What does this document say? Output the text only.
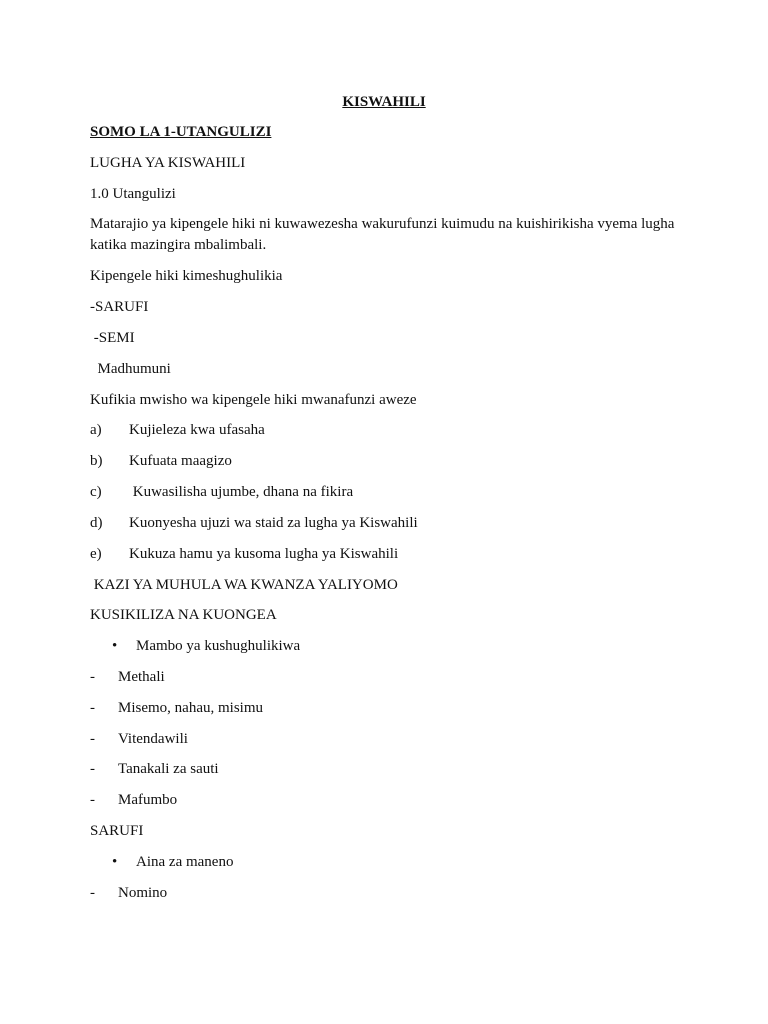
KISWAHILI
SOMO LA 1-UTANGULIZI
LUGHA YA KISWAHILI
1.0 Utangulizi
Matarajio ya kipengele hiki ni kuwawezesha wakurufunzi kuimudu na kuishirikisha vyema lugha katika mazingira mbalimbali.
Kipengele hiki kimeshughulikia
-SARUFI
-SEMI
Madhumuni
Kufikia mwisho wa kipengele hiki mwanafunzi aweze
a) Kujieleza kwa ufasaha
b) Kufuata maagizo
c) Kuwasilisha ujumbe, dhana na fikira
d) Kuonyesha ujuzi wa staid za lugha ya Kiswahili
e) Kukuza hamu ya kusoma lugha ya Kiswahili
KAZI YA MUHULA WA KWANZA YALIYOMO
KUSIKILIZA NA KUONGEA
• Mambo ya kushughulikiwa
- Methali
- Misemo, nahau, misimu
- Vitendawili
- Tanakali za sauti
- Mafumbo
SARUFI
• Aina za maneno
- Nomino
